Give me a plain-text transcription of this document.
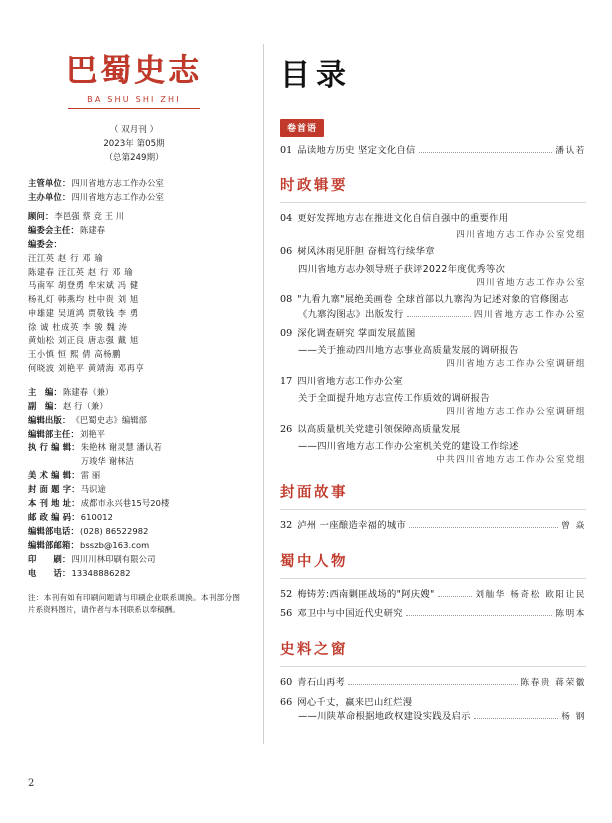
巴蜀史志
BA SHU SHI ZHI
（ 双月刊 ）
2023年 第05期
（总第249期）
主管单位： 四川省地方志工作办公室
主办单位： 四川省地方志工作办公室
顾问： 李邑强 蔡 竞 王 川
编委会主任： 陈建春
编委会：
汪江英 赵 行 邓 瑜
陈建春 汪江英 赵 行 邓 瑜
马南军 胡登勇 牟宋斌 冯 健
杨礼灯 韩燕均 杜中贵 刘 旭
申雄建 吴道鸿 贾敬钱 李 勇
徐 诚 杜成英 李 骏 魏 涛
黄灿松 刘正良 唐志强 戴 旭
王小慎 恒 熙 倩 高杨鹏
何晓波 刘艳平 黄靖海 邓再亨
主　编： 陈建春（兼）
副　编： 赵 行（兼）
编辑出版： 《巴蜀史志》编辑部
编辑部主任： 刘艳平
执 行 编 辑： 朱艳林 谢灵慧 潘认若
万竣华 谢林洁
美 术 编 辑： 雷 丽
封 面 题 字： 马识途
本 刊 地 址： 成都市永兴巷15号20楼
邮 政 编 码： 610012
编辑部电话： (028) 86522982
编辑部邮箱： bsszb@163.com
印　　刷： 四川川林印刷有限公司
电　　话： 13348886282
注：本刊有如有印刷问题请与印刷企业联系调换。本刊部分图片系资料图片，请作者与本刊联系以奉稿酬。
2
目录
卷首语
01 品读地方历史 坚定文化自信	潘认若
时政辑要
04 更好发挥地方志在推进文化自信自强中的重要作用
四川省地方志工作办公室党组
06 树风沐雨见肝胆 奋楫笃行续华章
四川省地方志办领导班子获评2022年度优秀等次
四川省地方志工作办公室
08 "九看九寨"展绝美画卷 全球首部以九寨沟为记述对象的官修图志
《九寨沟图志》出版发行	四川省地方志工作办公室
09 深化调查研究 掌面发展蓝图
——关于推动四川地方志事业高质量发展的调研报告
四川省地方志工作办公室调研组
17 四川省地方志工作办公室
关于全面提升地方志宣传工作质效的调研报告
四川省地方志工作办公室调研组
26 以高质量机关党建引领保障高质量发展
——四川省地方志工作办公室机关党的建设工作综述
中共四川省地方志工作办公室党组
封面故事
32 泸州 一座酿造幸福的城市	曾 焱
蜀中人物
52 梅铸芳:西南剿匪战场的"阿庆嫂"	刘舢华 杨奇松 欧阳让民
56 邓卫中与中国近代史研究	陈明本
史料之窗
60 青石山再考	陈春贵 蒋荣徽
66 网心千丈，赢来巴山红烂漫
——川陕革命根据地政权建设实践及启示	杨 钢
